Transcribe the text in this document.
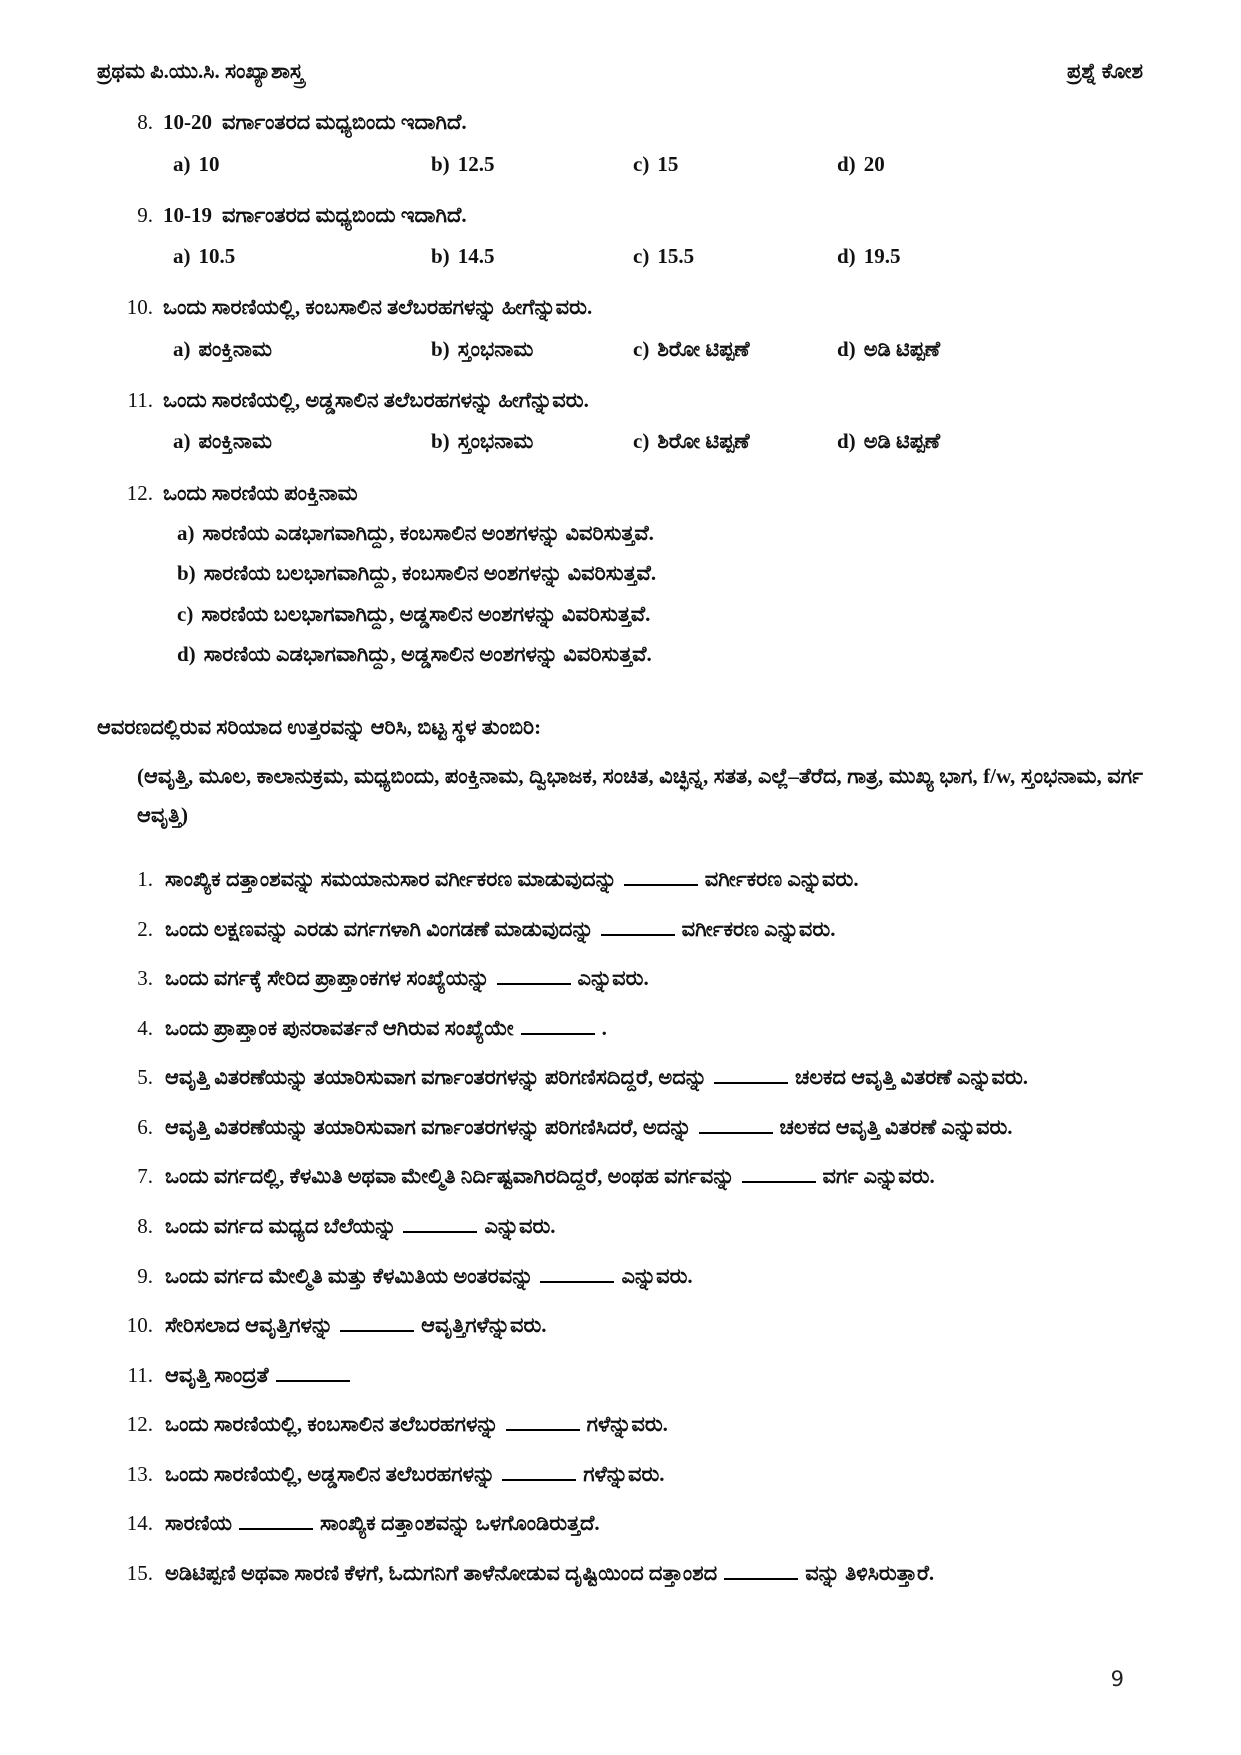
ಪ್ರಥಮ ಪಿ.ಯು.ಸಿ. ಸಂಖ್ಯಾಶಾಸ್ತ್ರ	ಪ್ರಶ್ನೆ ಕೋಶ
8. 10-20 ವರ್ಗಾಂತರದ ಮಧ್ಯಬಿಂದು ಇದಾಗಿದೆ.
a) 10	b) 12.5	c) 15	d) 20
9. 10-19 ವರ್ಗಾಂತರದ ಮಧ್ಯಬಿಂದು ಇದಾಗಿದೆ.
a) 10.5	b) 14.5	c) 15.5	d) 19.5
10. ಒಂದು ಸಾರಣಿಯಲ್ಲಿ, ಕಂಬಸಾಲಿನ ತಲೆಬರಹಗಳನ್ನು ಹೀಗೆನ್ನುವರು.
a) ಪಂಕ್ತಿನಾಮ	b) ಸ್ತಂಭನಾಮ	c) ಶಿರೋ ಟಿಪ್ಪಣೆ	d) ಅಡಿ ಟಿಪ್ಪಣೆ
11. ಒಂದು ಸಾರಣಿಯಲ್ಲಿ, ಅಡ್ಡಸಾಲಿನ ತಲೆಬರಹಗಳನ್ನು ಹೀಗೆನ್ನುವರು.
a) ಪಂಕ್ತಿನಾಮ	b) ಸ್ತಂಭನಾಮ	c) ಶಿರೋ ಟಿಪ್ಪಣೆ	d) ಅಡಿ ಟಿಪ್ಪಣೆ
12. ಒಂದು ಸಾರಣಿಯ ಪಂಕ್ತಿನಾಮ
a) ಸಾರಣಿಯ ಎಡಭಾಗವಾಗಿದ್ದು, ಕಂಬಸಾಲಿನ ಅಂಶಗಳನ್ನು ವಿವರಿಸುತ್ತವೆ.
b) ಸಾರಣಿಯ ಬಲಭಾಗವಾಗಿದ್ದು, ಕಂಬಸಾಲಿನ ಅಂಶಗಳನ್ನು ವಿವರಿಸುತ್ತವೆ.
c) ಸಾರಣಿಯ ಬಲಭಾಗವಾಗಿದ್ದು, ಅಡ್ಡಸಾಲಿನ ಅಂಶಗಳನ್ನು ವಿವರಿಸುತ್ತವೆ.
d) ಸಾರಣಿಯ ಎಡಭಾಗವಾಗಿದ್ದು, ಅಡ್ಡಸಾಲಿನ ಅಂಶಗಳನ್ನು ವಿವರಿಸುತ್ತವೆ.

ಆವರಣದಲ್ಲಿರುವ ಸರಿಯಾದ ಉತ್ತರವನ್ನು ಆರಿಸಿ, ಬಿಟ್ಟ ಸ್ಥಳ ತುಂಬಿರಿ:

(ಆವೃತ್ತಿ, ಮೂಲ, ಕಾಲಾನುಕ್ರಮ, ಮಧ್ಯಬಿಂದು, ಪಂಕ್ತಿನಾಮ, ದ್ವಿಭಾಜಕ, ಸಂಚಿತ, ವಿಚ್ಛಿನ್ನ, ಸತತ, ಎಲ್ಲೆ–ತೆರೆದ, ಗಾತ್ರ, ಮುಖ್ಯ ಭಾಗ, f/w, ಸ್ತಂಭನಾಮ, ವರ್ಗ ಆವೃತ್ತಿ)

1. ಸಾಂಖ್ಯಿಕ ದತ್ತಾಂಶವನ್ನು ಸಮಯಾನುಸಾರ ವರ್ಗೀಕರಣ ಮಾಡುವುದನ್ನು	ವರ್ಗೀಕರಣ ಎನ್ನುವರು.
2. ಒಂದು ಲಕ್ಷಣವನ್ನು ಎರಡು ವರ್ಗಗಳಾಗಿ ವಿಂಗಡಣೆ ಮಾಡುವುದನ್ನು	ವರ್ಗೀಕರಣ ಎನ್ನುವರು.
3. ಒಂದು ವರ್ಗಕ್ಕೆ ಸೇರಿದ ಪ್ರಾಪ್ತಾಂಕಗಳ ಸಂಖ್ಯೆಯನ್ನು	ಎನ್ನುವರು.
4. ಒಂದು ಪ್ರಾಪ್ತಾಂಕ ಪುನರಾವರ್ತನೆ ಆಗಿರುವ ಸಂಖ್ಯೆಯೇ	.
5. ಆವೃತ್ತಿ ವಿತರಣೆಯನ್ನು ತಯಾರಿಸುವಾಗ ವರ್ಗಾಂತರಗಳನ್ನು ಪರಿಗಣಿಸದಿದ್ದರೆ, ಅದನ್ನು	ಚಲಕದ ಆವೃತ್ತಿ ವಿತರಣೆ ಎನ್ನುವರು.
6. ಆವೃತ್ತಿ ವಿತರಣೆಯನ್ನು ತಯಾರಿಸುವಾಗ ವರ್ಗಾಂತರಗಳನ್ನು ಪರಿಗಣಿಸಿದರೆ, ಅದನ್ನು	ಚಲಕದ ಆವೃತ್ತಿ ವಿತರಣೆ ಎನ್ನುವರು.
7. ಒಂದು ವರ್ಗದಲ್ಲಿ, ಕೆಳಮಿತಿ ಅಥವಾ ಮೇಲ್ಮಿತಿ ನಿರ್ದಿಷ್ಟವಾಗಿರದಿದ್ದರೆ, ಅಂಥಹ ವರ್ಗವನ್ನು	ವರ್ಗ ಎನ್ನುವರು.
8. ಒಂದು ವರ್ಗದ ಮಧ್ಯದ ಬೆಲೆಯನ್ನು	ಎನ್ನುವರು.
9. ಒಂದು ವರ್ಗದ ಮೇಲ್ಮಿತಿ ಮತ್ತು ಕೆಳಮಿತಿಯ ಅಂತರವನ್ನು	ಎನ್ನುವರು.
10. ಸೇರಿಸಲಾದ ಆವೃತ್ತಿಗಳನ್ನು	ಆವೃತ್ತಿಗಳೆನ್ನುವರು.
11. ಆವೃತ್ತಿ ಸಾಂದ್ರತೆ
12. ಒಂದು ಸಾರಣಿಯಲ್ಲಿ, ಕಂಬಸಾಲಿನ ತಲೆಬರಹಗಳನ್ನು	ಗಳೆನ್ನುವರು.
13. ಒಂದು ಸಾರಣಿಯಲ್ಲಿ, ಅಡ್ಡಸಾಲಿನ ತಲೆಬರಹಗಳನ್ನು	ಗಳೆನ್ನುವರು.
14. ಸಾರಣಿಯ	ಸಾಂಖ್ಯಿಕ ದತ್ತಾಂಶವನ್ನು ಒಳಗೊಂಡಿರುತ್ತದೆ.
15. ಅಡಿಟಿಪ್ಪಣಿ ಅಥವಾ ಸಾರಣಿ ಕೆಳಗೆ, ಓದುಗನಿಗೆ ತಾಳೆನೋಡುವ ದೃಷ್ಟಿಯಿಂದ ದತ್ತಾಂಶದ	ವನ್ನು ತಿಳಿಸಿರುತ್ತಾರೆ.
9
